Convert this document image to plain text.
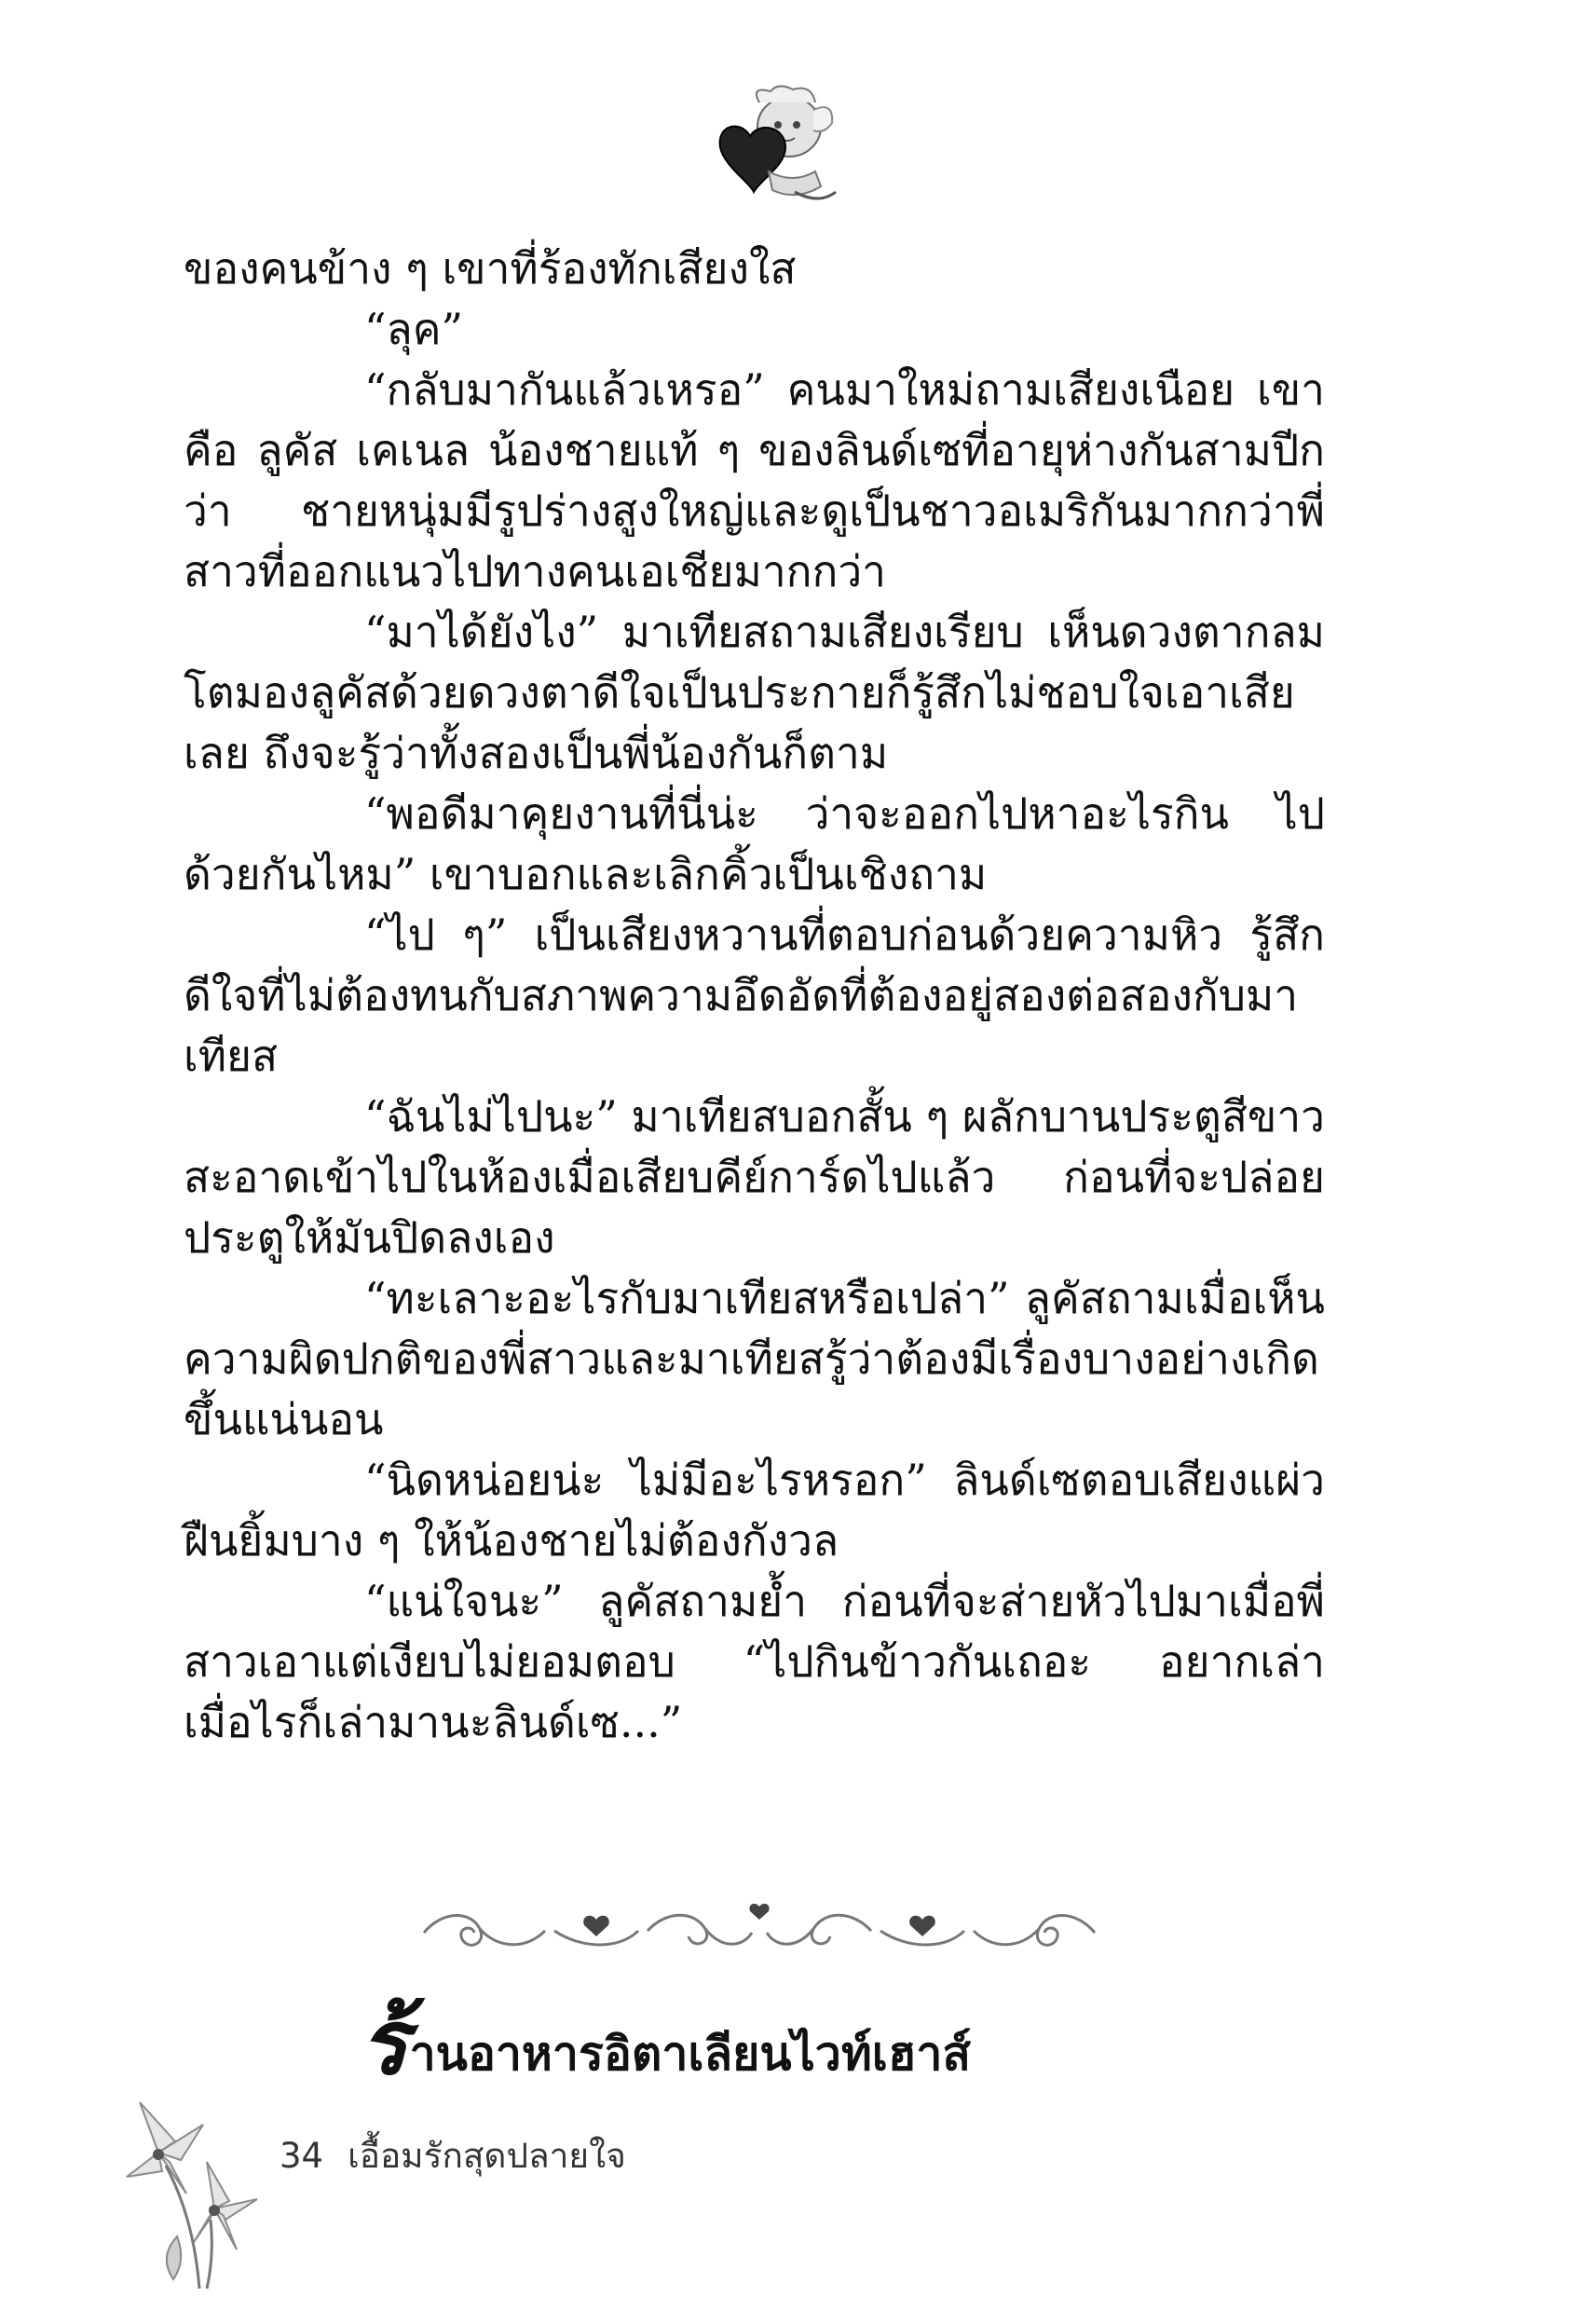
ของคนข้าง ๆ เขาที่ร้องทักเสียงใส

“ลุค”

“กลับมากันแล้วเหรอ” คนมาใหม่ถามเสียงเนือย เขาคือ ลูคัส เคเนล น้องชายแท้ ๆ ของลินด์เซที่อายุห่างกันสามปีกว่า ชายหนุ่มมีรูปร่างสูงใหญ่และดูเป็นชาวอเมริกันมากกว่าพี่สาวที่ออกแนวไปทางคนเอเชียมากกว่า

“มาได้ยังไง” มาเทียสถามเสียงเรียบ เห็นดวงตากลมโตมองลูคัสด้วยดวงตาดีใจเป็นประกายก็รู้สึกไม่ชอบใจเอาเสียเลย ถึงจะรู้ว่าทั้งสองเป็นพี่น้องกันก็ตาม

“พอดีมาคุยงานที่นี่น่ะ ว่าจะออกไปหาอะไรกิน ไปด้วยกันไหม” เขาบอกและเลิกคิ้วเป็นเชิงถาม

“ไป ๆ” เป็นเสียงหวานที่ตอบก่อนด้วยความหิว รู้สึกดีใจที่ไม่ต้องทนกับสภาพความอึดอัดที่ต้องอยู่สองต่อสองกับมาเทียส

“ฉันไม่ไปนะ” มาเทียสบอกสั้น ๆ ผลักบานประตูสีขาวสะอาดเข้าไปในห้องเมื่อเสียบคีย์การ์ดไปแล้ว ก่อนที่จะปล่อยประตูให้มันปิดลงเอง

“ทะเลาะอะไรกับมาเทียสหรือเปล่า” ลูคัสถามเมื่อเห็นความผิดปกติของพี่สาวและมาเทียสรู้ว่าต้องมีเรื่องบางอย่างเกิดขึ้นแน่นอน

“นิดหน่อยน่ะ ไม่มีอะไรหรอก” ลินด์เซตอบเสียงแผ่ว ฝืนยิ้มบาง ๆ ให้น้องชายไม่ต้องกังวล

“แน่ใจนะ” ลูคัสถามย้ำ ก่อนที่จะส่ายหัวไปมาเมื่อพี่สาวเอาแต่เงียบไม่ยอมตอบ “ไปกินข้าวกันเถอะ อยากเล่าเมื่อไรก็เล่ามานะลินด์เซ...”

ร้านอาหารอิตาเลียนไวท์เฮาส์
34 เอื้อมรักสุดปลายใจ
